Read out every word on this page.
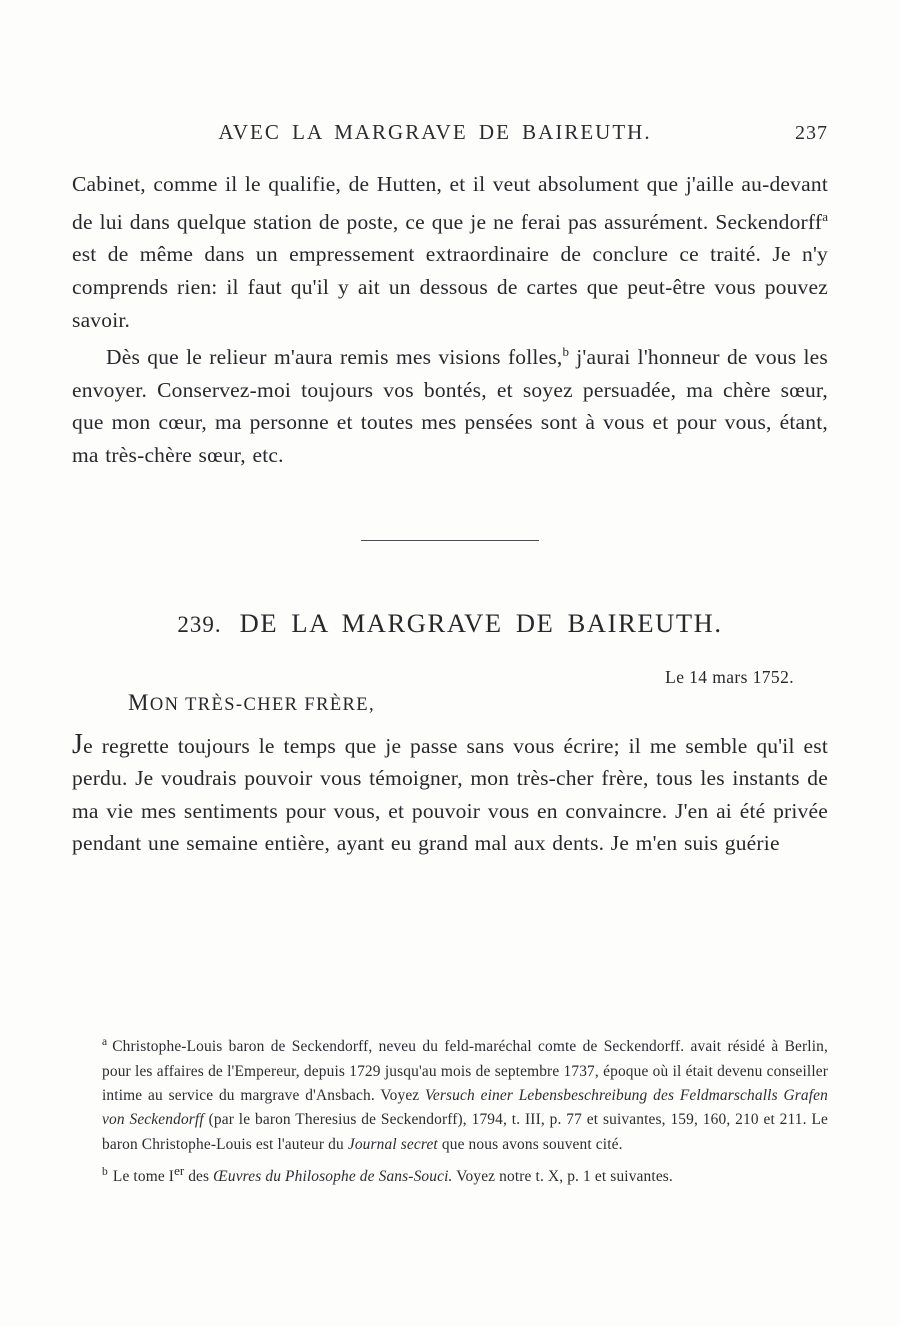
AVEC LA MARGRAVE DE BAIREUTH.	237

Cabinet, comme il le qualifie, de Hutten, et il veut absolument que j'aille au-devant de lui dans quelque station de poste, ce que je ne ferai pas assurément. Seckendorff$^a$ est de même dans un empressement extraordinaire de conclure ce traité. Je n'y comprends rien: il faut qu'il y ait un dessous de cartes que peut-être vous pouvez savoir.

Dès que le relieur m'aura remis mes visions folles,$^b$ j'aurai l'honneur de vous les envoyer. Conservez-moi toujours vos bontés, et soyez persuadée, ma chère sœur, que mon cœur, ma personne et toutes mes pensées sont à vous et pour vous, étant, ma très-chère sœur, etc.

239. DE LA MARGRAVE DE BAIREUTH.
Le 14 mars 1752.
MON TRÈS-CHER FRÈRE,

Je regrette toujours le temps que je passe sans vous écrire; il me semble qu'il est perdu. Je voudrais pouvoir vous témoigner, mon très-cher frère, tous les instants de ma vie mes sentiments pour vous, et pouvoir vous en convaincre. J'en ai été privée pendant une semaine entière, ayant eu grand mal aux dents. Je m'en suis guérie

$^a$ Christophe-Louis baron de Seckendorff, neveu du feld-maréchal comte de Seckendorff. avait résidé à Berlin, pour les affaires de l'Empereur, depuis 1729 jusqu'au mois de septembre 1737, époque où il était devenu conseiller intime au service du margrave d'Ansbach. Voyez Versuch einer Lebensbeschreibung des Feldmarschalls Grafen von Seckendorff (par le baron Theresius de Seckendorff), 1794, t. III, p. 77 et suivantes, 159, 160, 210 et 211. Le baron Christophe-Louis est l'auteur du Journal secret que nous avons souvent cité.

$^b$ Le tome Ier des Œuvres du Philosophe de Sans-Souci. Voyez notre t. X, p. 1 et suivantes.
